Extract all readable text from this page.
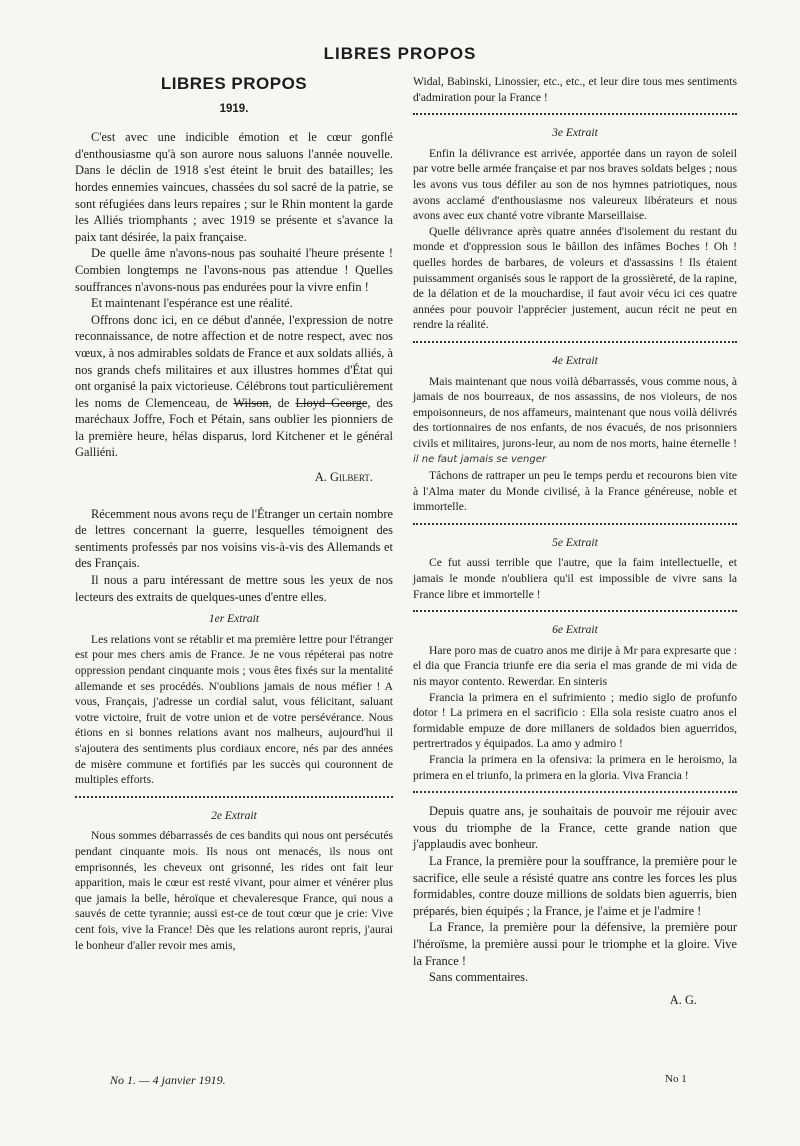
LIBRES PROPOS
LIBRES PROPOS
1919.

C'est avec une indicible émotion et le cœur gonflé d'enthousiasme qu'à son aurore nous saluons l'année nouvelle. Dans le déclin de 1918 s'est éteint le bruit des batailles; les hordes ennemies vaincues, chassées du sol sacré de la patrie, se sont réfugiées dans leurs repaires ; sur le Rhin montent la garde les Alliés triomphants ; avec 1919 se présente et s'avance la paix tant désirée, la paix française.

De quelle âme n'avons-nous pas souhaité l'heure présente ! Combien longtemps ne l'avons-nous pas attendue ! Quelles souffrances n'avons-nous pas endurées pour la vivre enfin !

Et maintenant l'espérance est une réalité.

Offrons donc ici, en ce début d'année, l'expression de notre reconnaissance, de notre affection et de notre respect, avec nos vœux, à nos admirables soldats de France et aux soldats alliés, à nos grands chefs militaires et aux illustres hommes d'État qui ont organisé la paix victorieuse. Célébrons tout particulièrement les noms de Clemenceau, de Wilson, de Lloyd George, des maréchaux Joffre, Foch et Pétain, sans oublier les pionniers de la première heure, hélas disparus, lord Kitchener et le général Galliéni.

A. Gilbert.

Récemment nous avons reçu de l'Étranger un certain nombre de lettres concernant la guerre, lesquelles témoignent des sentiments professés par nos voisins vis-à-vis des Allemands et des Français.

Il nous a paru intéressant de mettre sous les yeux de nos lecteurs des extraits de quelques-unes d'entre elles.

1er Extrait

Les relations vont se rétablir et ma première lettre pour l'étranger est pour mes chers amis de France. Je ne vous répéterai pas notre oppression pendant cinquante mois ; vous êtes fixés sur la mentalité allemande et ses procédés. N'oublions jamais de nous méfier ! A vous, Français, j'adresse un cordial salut, vous félicitant, saluant votre victoire, fruit de votre union et de votre persévérance. Nous étions en si bonnes relations avant nos malheurs, aujourd'hui il s'ajoutera des sentiments plus cordiaux encore, nés par des années de misère commune et fortifiés par les succès qui couronnent de multiples efforts.

2e Extrait

Nous sommes débarrassés de ces bandits qui nous ont persécutés pendant cinquante mois. Ils nous ont menacés, ils nous ont emprisonnés, les cheveux ont grisonné, les rides ont fait leur apparition, mais le cœur est resté vivant, pour aimer et vénérer plus que jamais la belle, héroïque et chevaleresque France, qui nous a sauvés de cette tyrannie; aussi est-ce de tout cœur que je crie: Vive cent fois, vive la France! Dès que les relations auront repris, j'aurai le bonheur d'aller revoir mes amis,

Widal, Babinski, Linossier, etc., etc., et leur dire tous mes sentiments d'admiration pour la France !

3e Extrait

Enfin la délivrance est arrivée, apportée dans un rayon de soleil par votre belle armée française et par nos braves soldats belges ; nous les avons vus tous défiler au son de nos hymnes patriotiques, nous avons acclamé d'enthousiasme nos valeureux libérateurs et nous avons avec eux chanté votre vibrante Marseillaise.

Quelle délivrance après quatre années d'isolement du restant du monde et d'oppression sous le bâillon des infâmes Boches ! Oh ! quelles hordes de barbares, de voleurs et d'assassins ! Ils étaient puissamment organisés sous le rapport de la grossièreté, de la rapine, de la délation et de la mouchardise, il faut avoir vécu ici ces quatre années pour pouvoir l'apprécier justement, aucun récit ne peut en rendre la réalité.

4e Extrait

Mais maintenant que nous voilà débarrassés, vous comme nous, à jamais de nos bourreaux, de nos assassins, de nos violeurs, de nos empoisonneurs, de nos affameurs, maintenant que nous voilà délivrés des tortionnaires de nos enfants, de nos évacués, de nos prisonniers civils et militaires, jurons-leur, au nom de nos morts, haine éternelle ! il ne faut jamais se venger

Tâchons de rattraper un peu le temps perdu et recourons bien vite à l'Alma mater du Monde civilisé, à la France généreuse, noble et immortelle.

5e Extrait

Ce fut aussi terrible que l'autre, que la faim intellectuelle, et jamais le monde n'oubliera qu'il est impossible de vivre sans la France libre et immortelle !

6e Extrait

Hare poro mas de cuatro anos me dirije à Mr para expresarte que : el dia que Francia triunfe ere dia seria el mas grande de mi vida de nis mayor contento. Rewerdar. En sinteris

Francia la primera en el sufrimiento ; medio siglo de profunfo dotor ! La primera en el sacrificio : Ella sola resiste cuatro anos el formidable empuze de dore millaners de soldados bien aguerridos, pertrertrados y équipados. La amo y admiro !

Francia la primera en la ofensiva: la primera en le heroismo, la primera en el triunfo, la primera en la gloria. Viva Francia !

Depuis quatre ans, je souhaitais de pouvoir me réjouir avec vous du triomphe de la France, cette grande nation que j'applaudis avec bonheur.

La France, la première pour la souffrance, la première pour le sacrifice, elle seule a résisté quatre ans contre les forces les plus formidables, contre douze millions de soldats bien aguerris, bien préparés, bien équipés ; la France, je l'aime et je l'admire !

La France, la première pour la défensive, la première pour l'héroïsme, la première aussi pour le triomphe et la gloire. Vive la France !

Sans commentaires.

A. G.
No 1. — 4 janvier 1919.	No 1
